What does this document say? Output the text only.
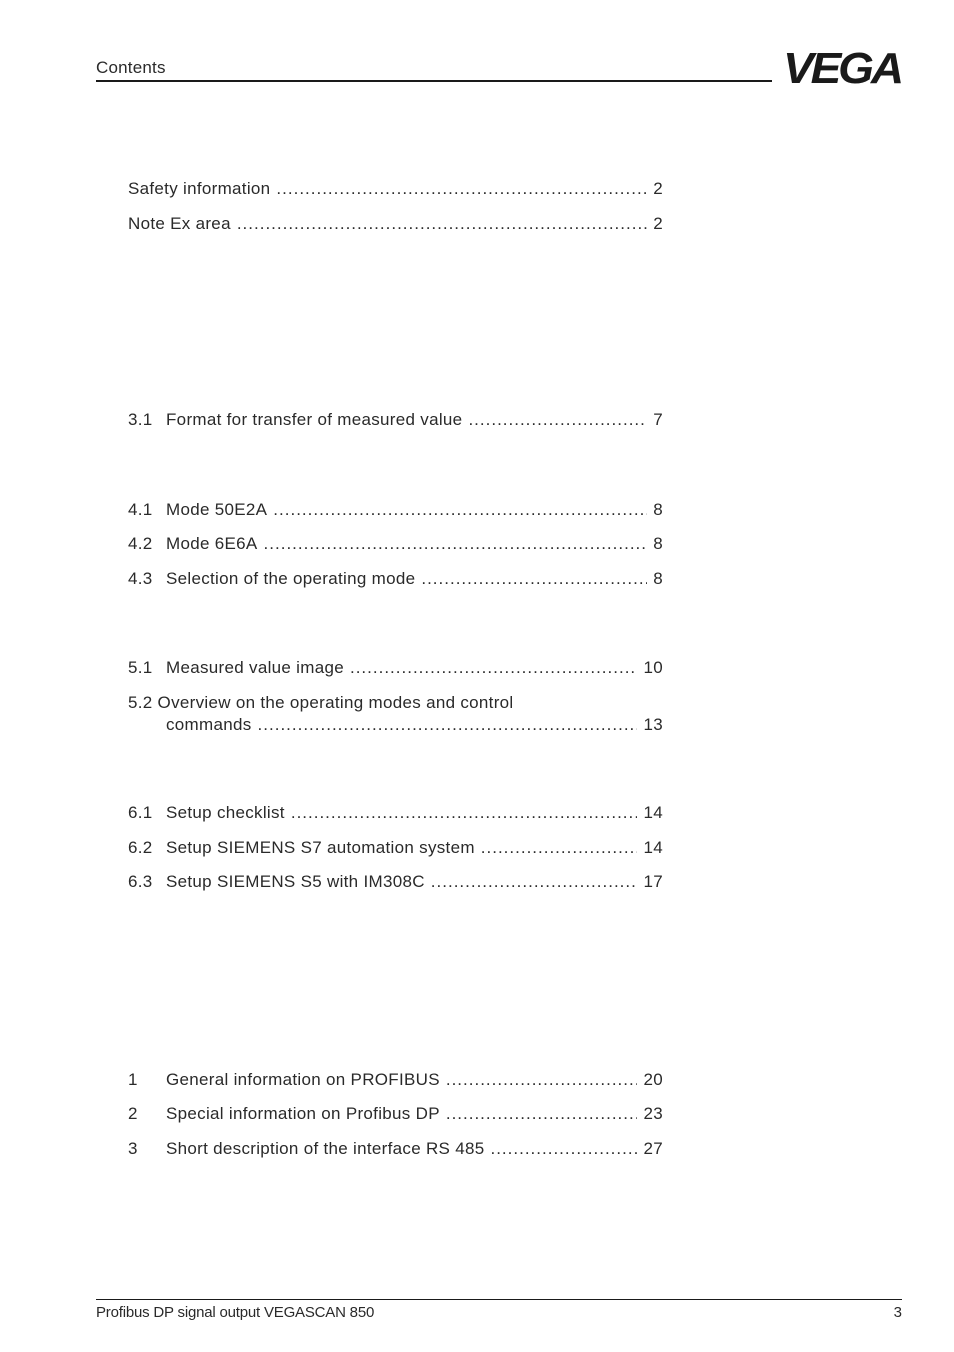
Contents	VEGA
Safety information .....	2
Note Ex area .....	2
3.1 Format for transfer of measured value .....	7
4.1 Mode 50E2A .....	8
4.2 Mode 6E6A .....	8
4.3 Selection of the operating mode .....	8
5.1 Measured value image .....	10
5.2 Overview on the operating modes and control
commands .....	13
6.1 Setup checklist .....	14
6.2 Setup SIEMENS S7 automation system .....	14
6.3 Setup SIEMENS S5 with IM308C .....	17
1	General information on PROFIBUS .....	20
2	Special information on Profibus DP .....	23
3	Short description of the interface RS 485 .....	27
Profibus DP signal output VEGASCAN 850	3
